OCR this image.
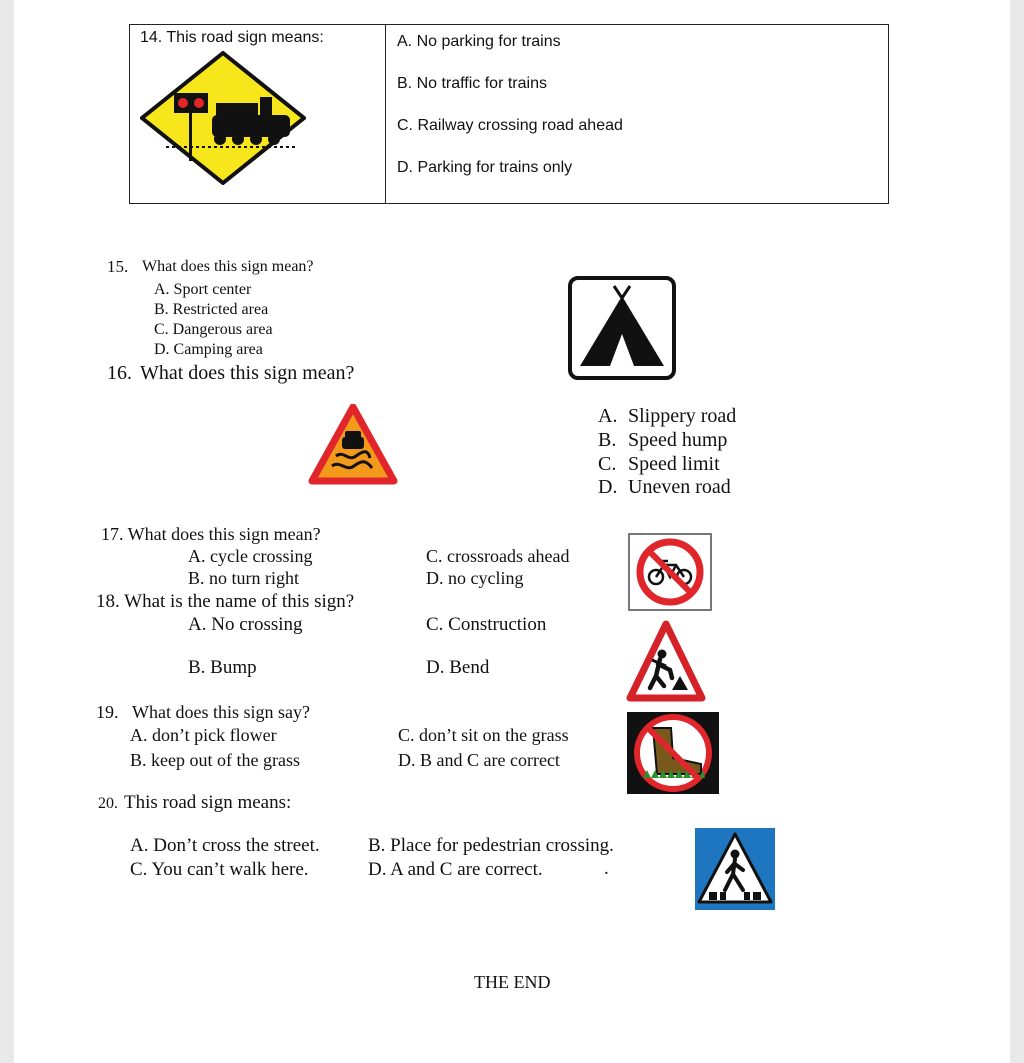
14. This road sign means:	A. No parking for trains
B. No traffic for trains
C. Railway crossing road ahead
D. Parking for trains only
15. What does this sign mean?
A. Sport center
B. Restricted area
C. Dangerous area
D. Camping area
16. What does this sign mean?
A. Slippery road
B. Speed hump
C. Speed limit
D. Uneven road
17. What does this sign mean?
A. cycle crossing
B. no turn right
C. crossroads ahead
D. no cycling
18. What is the name of this sign?
A. No crossing
B. Bump
C. Construction
D. Bend
19. What does this sign say?
A. don’t pick flower
B. keep out of the grass
C. don’t sit on the grass
D. B and C are correct
20. This road sign means:
A. Don’t cross the street.	B. Place for pedestrian crossing.
C. You can’t walk here.	D. A and C are correct.	.
THE END
